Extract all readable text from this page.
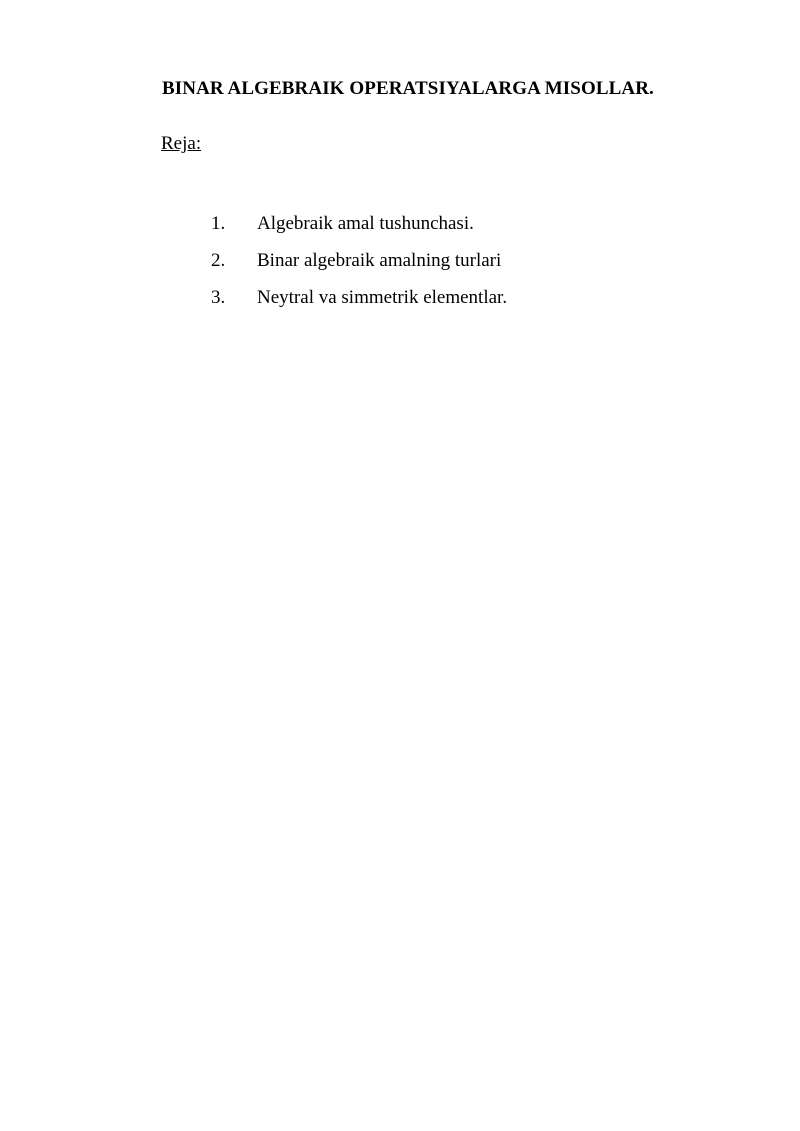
BINAR ALGEBRAIK OPERATSIYALARGA MISOLLAR.
Reja:
1.	Algebraik amal tushunchasi.
2.	Binar algebraik amalning turlari
3.	Neytral va simmetrik elementlar.
